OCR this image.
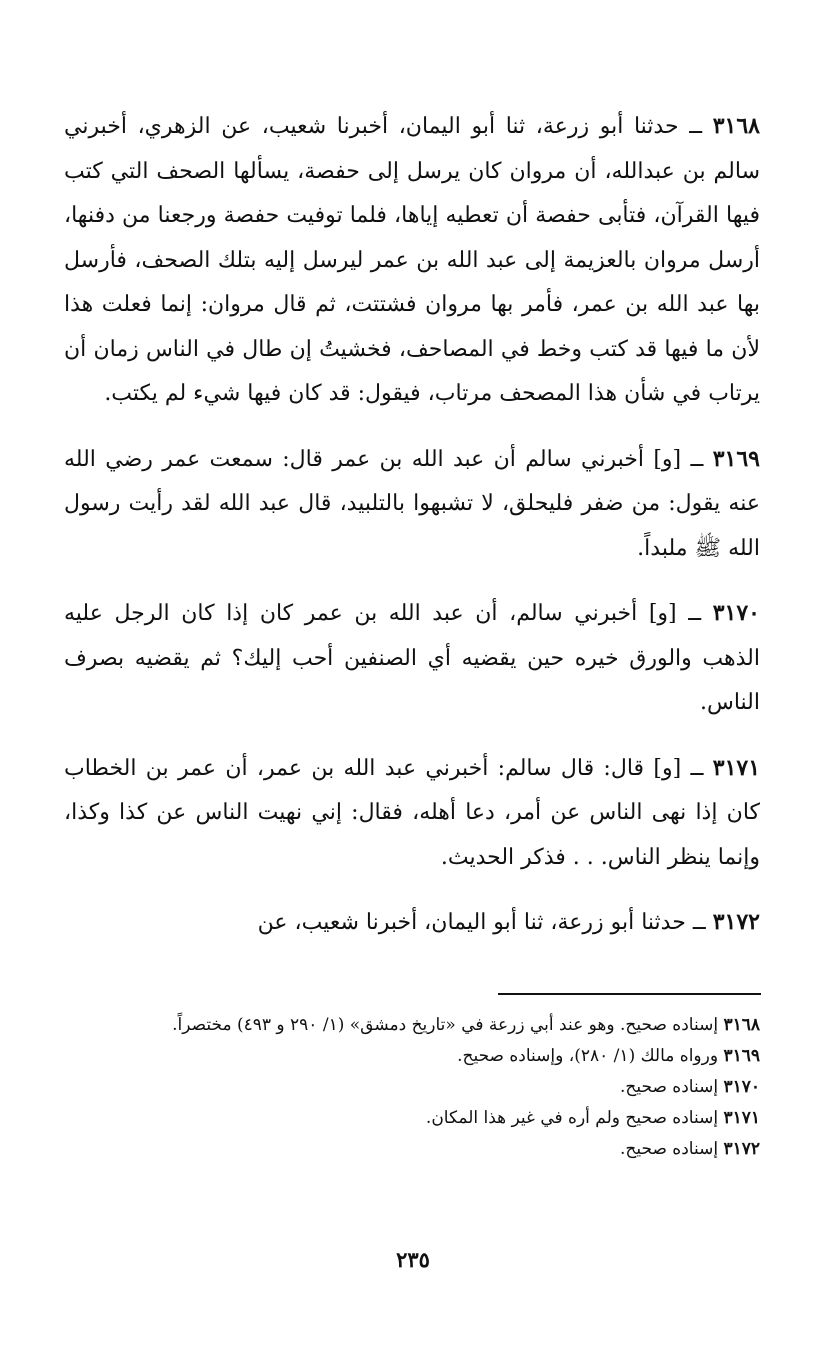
٣١٦٨ ــ حدثنا أبو زرعة، ثنا أبو اليمان، أخبرنا شعيب، عن الزهري، أخبرني سالم بن عبدالله، أن مروان كان يرسل إلى حفصة، يسألها الصحف التي كتب فيها القرآن، فتأبى حفصة أن تعطيه إياها، فلما توفيت حفصة ورجعنا من دفنها، أرسل مروان بالعزيمة إلى عبد الله بن عمر ليرسل إليه بتلك الصحف، فأرسل بها عبد الله بن عمر، فأمر بها مروان فشتتت، ثم قال مروان: إنما فعلت هذا لأن ما فيها قد كتب وخط في المصاحف، فخشيتُ إن طال في الناس زمان أن يرتاب في شأن هذا المصحف مرتاب، فيقول: قد كان فيها شيء لم يكتب.

٣١٦٩ ــ [و] أخبرني سالم أن عبد الله بن عمر قال: سمعت عمر رضي الله عنه يقول: من ضفر فليحلق، لا تشبهوا بالتلبيد، قال عبد الله لقد رأيت رسول الله ﷺ ملبداً.

٣١٧٠ ــ [و] أخبرني سالم، أن عبد الله بن عمر كان إذا كان الرجل عليه الذهب والورق خيره حين يقضيه أي الصنفين أحب إليك؟ ثم يقضيه بصرف الناس.

٣١٧١ ــ [و] قال: قال سالم: أخبرني عبد الله بن عمر، أن عمر بن الخطاب كان إذا نهى الناس عن أمر، دعا أهله، فقال: إني نهيت الناس عن كذا وكذا، وإنما ينظر الناس. . . فذكر الحديث.

٣١٧٢ ــ حدثنا أبو زرعة، ثنا أبو اليمان، أخبرنا شعيب، عن

٣١٦٨ إسناده صحيح. وهو عند أبي زرعة في «تاريخ دمشق» (١/ ٢٩٠ و ٤٩٣) مختصراً.

٣١٦٩ ورواه مالك (١/ ٢٨٠)، وإسناده صحيح.

٣١٧٠ إسناده صحيح.

٣١٧١ إسناده صحيح ولم أره في غير هذا المكان.

٣١٧٢ إسناده صحيح.

٢٣٥
